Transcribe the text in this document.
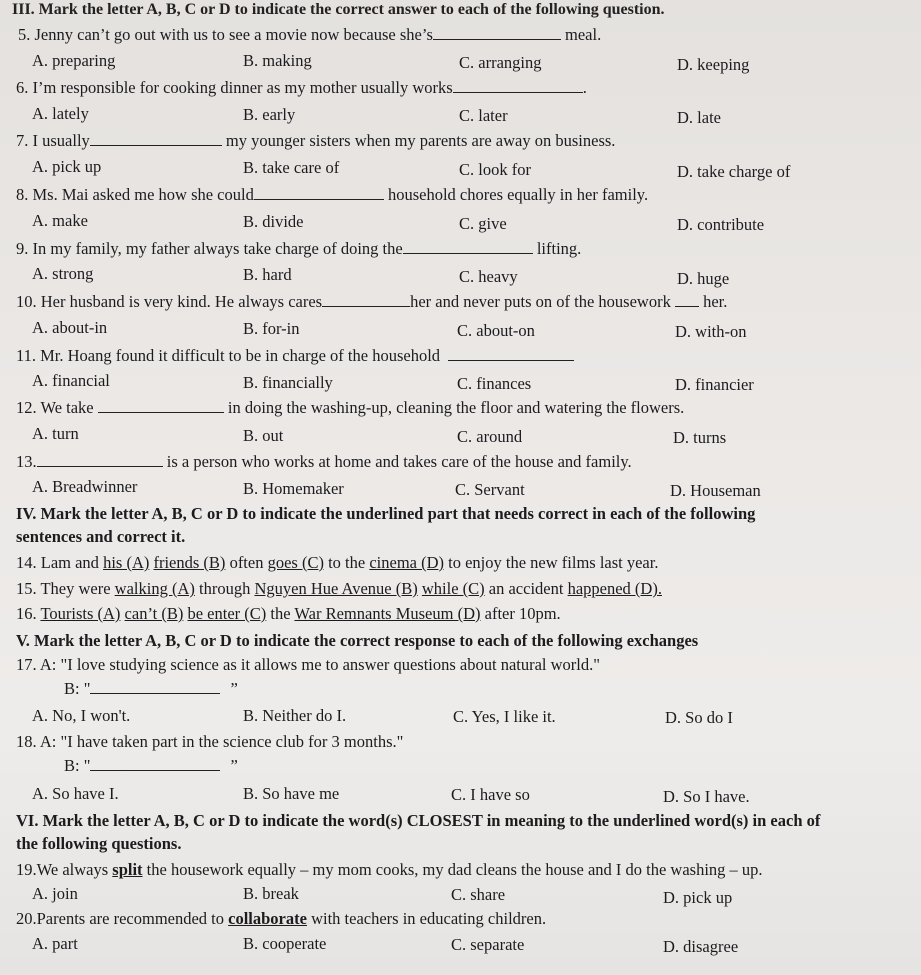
III. Mark the letter A, B, C or D to indicate the correct answer to each of the following question.
5. Jenny can’t go out with us to see a movie now because she’s	meal.
A. preparing	B. making	C. arranging	D. keeping
6. I’m responsible for cooking dinner as my mother usually works	.
A. lately	B. early	C. later	D. late
7. I usually	my younger sisters when my parents are away on business.
A. pick up	B. take care of	C. look for	D. take charge of
8. Ms. Mai asked me how she could	household chores equally in her family.
A. make	B. divide	C. give	D. contribute
9. In my family, my father always take charge of doing the	lifting.
A. strong	B. hard	C. heavy	D. huge
10. Her husband is very kind. He always cares	her and never puts on of the housework her.
A. about-in	B. for-in	C. about-on	D. with-on
11. Mr. Hoang found it difficult to be in charge of the household
A. financial	B. financially	C. finances	D. financier
12. We take	in doing the washing-up, cleaning the floor and watering the flowers.
A. turn	B. out	C. around	D. turns
13.	is a person who works at home and takes care of the house and family.
A. Breadwinner	B. Homemaker	C. Servant	D. Houseman
IV. Mark the letter A, B, C or D to indicate the underlined part that needs correct in each of the following
sentences and correct it.
14. Lam and his (A) friends (B) often goes (C) to the cinema (D) to enjoy the new films last year.
15. They were walking (A) through Nguyen Hue Avenue (B) while (C) an accident happened (D).
16. Tourists (A) can’t (B) be enter (C) the War Remnants Museum (D) after 10pm.
V. Mark the letter A, B, C or D to indicate the correct response to each of the following exchanges
17. A: "I love studying science as it allows me to answer questions about natural world."
B: "	”
A. No, I won't.	B. Neither do I.	C. Yes, I like it.	D. So do I
18. A: "I have taken part in the science club for 3 months."
B: "	”
A. So have I.	B. So have me	C. I have so	D. So I have.
VI. Mark the letter A, B, C or D to indicate the word(s) CLOSEST in meaning to the underlined word(s) in each of
the following questions.
19.We always split the housework equally – my mom cooks, my dad cleans the house and I do the washing – up.
A. join	B. break	C. share	D. pick up
20.Parents are recommended to collaborate with teachers in educating children.
A. part	B. cooperate	C. separate	D. disagree
